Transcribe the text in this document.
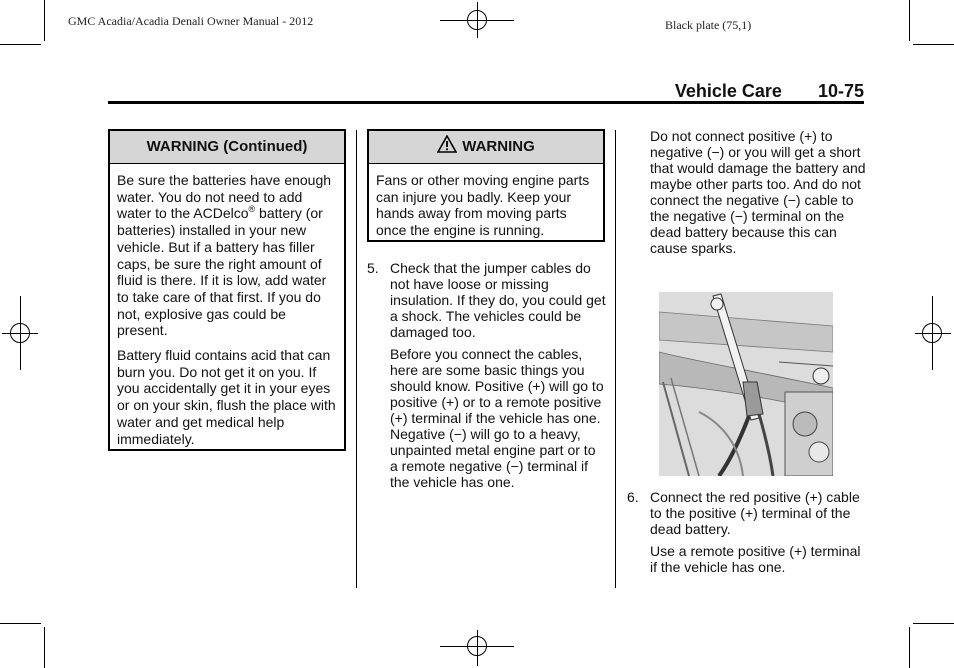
GMC Acadia/Acadia Denali Owner Manual - 2012	Black plate (75,1)
Vehicle Care 10-75
WARNING (Continued)

Be sure the batteries have enough water. You do not need to add water to the ACDelco® battery (or batteries) installed in your new vehicle. But if a battery has filler caps, be sure the right amount of fluid is there. If it is low, add water to take care of that first. If you do not, explosive gas could be present.

Battery fluid contains acid that can burn you. Do not get it on you. If you accidentally get it in your eyes or on your skin, flush the place with water and get medical help immediately.

WARNING
Fans or other moving engine parts can injure you badly. Keep your hands away from moving parts once the engine is running.
5. Check that the jumper cables do not have loose or missing insulation. If they do, you could get a shock. The vehicles could be damaged too.

Before you connect the cables, here are some basic things you should know. Positive (+) will go to positive (+) or to a remote positive (+) terminal if the vehicle has one. Negative (−) will go to a heavy, unpainted metal engine part or to a remote negative (−) terminal if the vehicle has one.

Do not connect positive (+) to negative (−) or you will get a short that would damage the battery and maybe other parts too. And do not connect the negative (−) cable to the negative (−) terminal on the dead battery because this can cause sparks.
6. Connect the red positive (+) cable to the positive (+) terminal of the dead battery.

Use a remote positive (+) terminal if the vehicle has one.
